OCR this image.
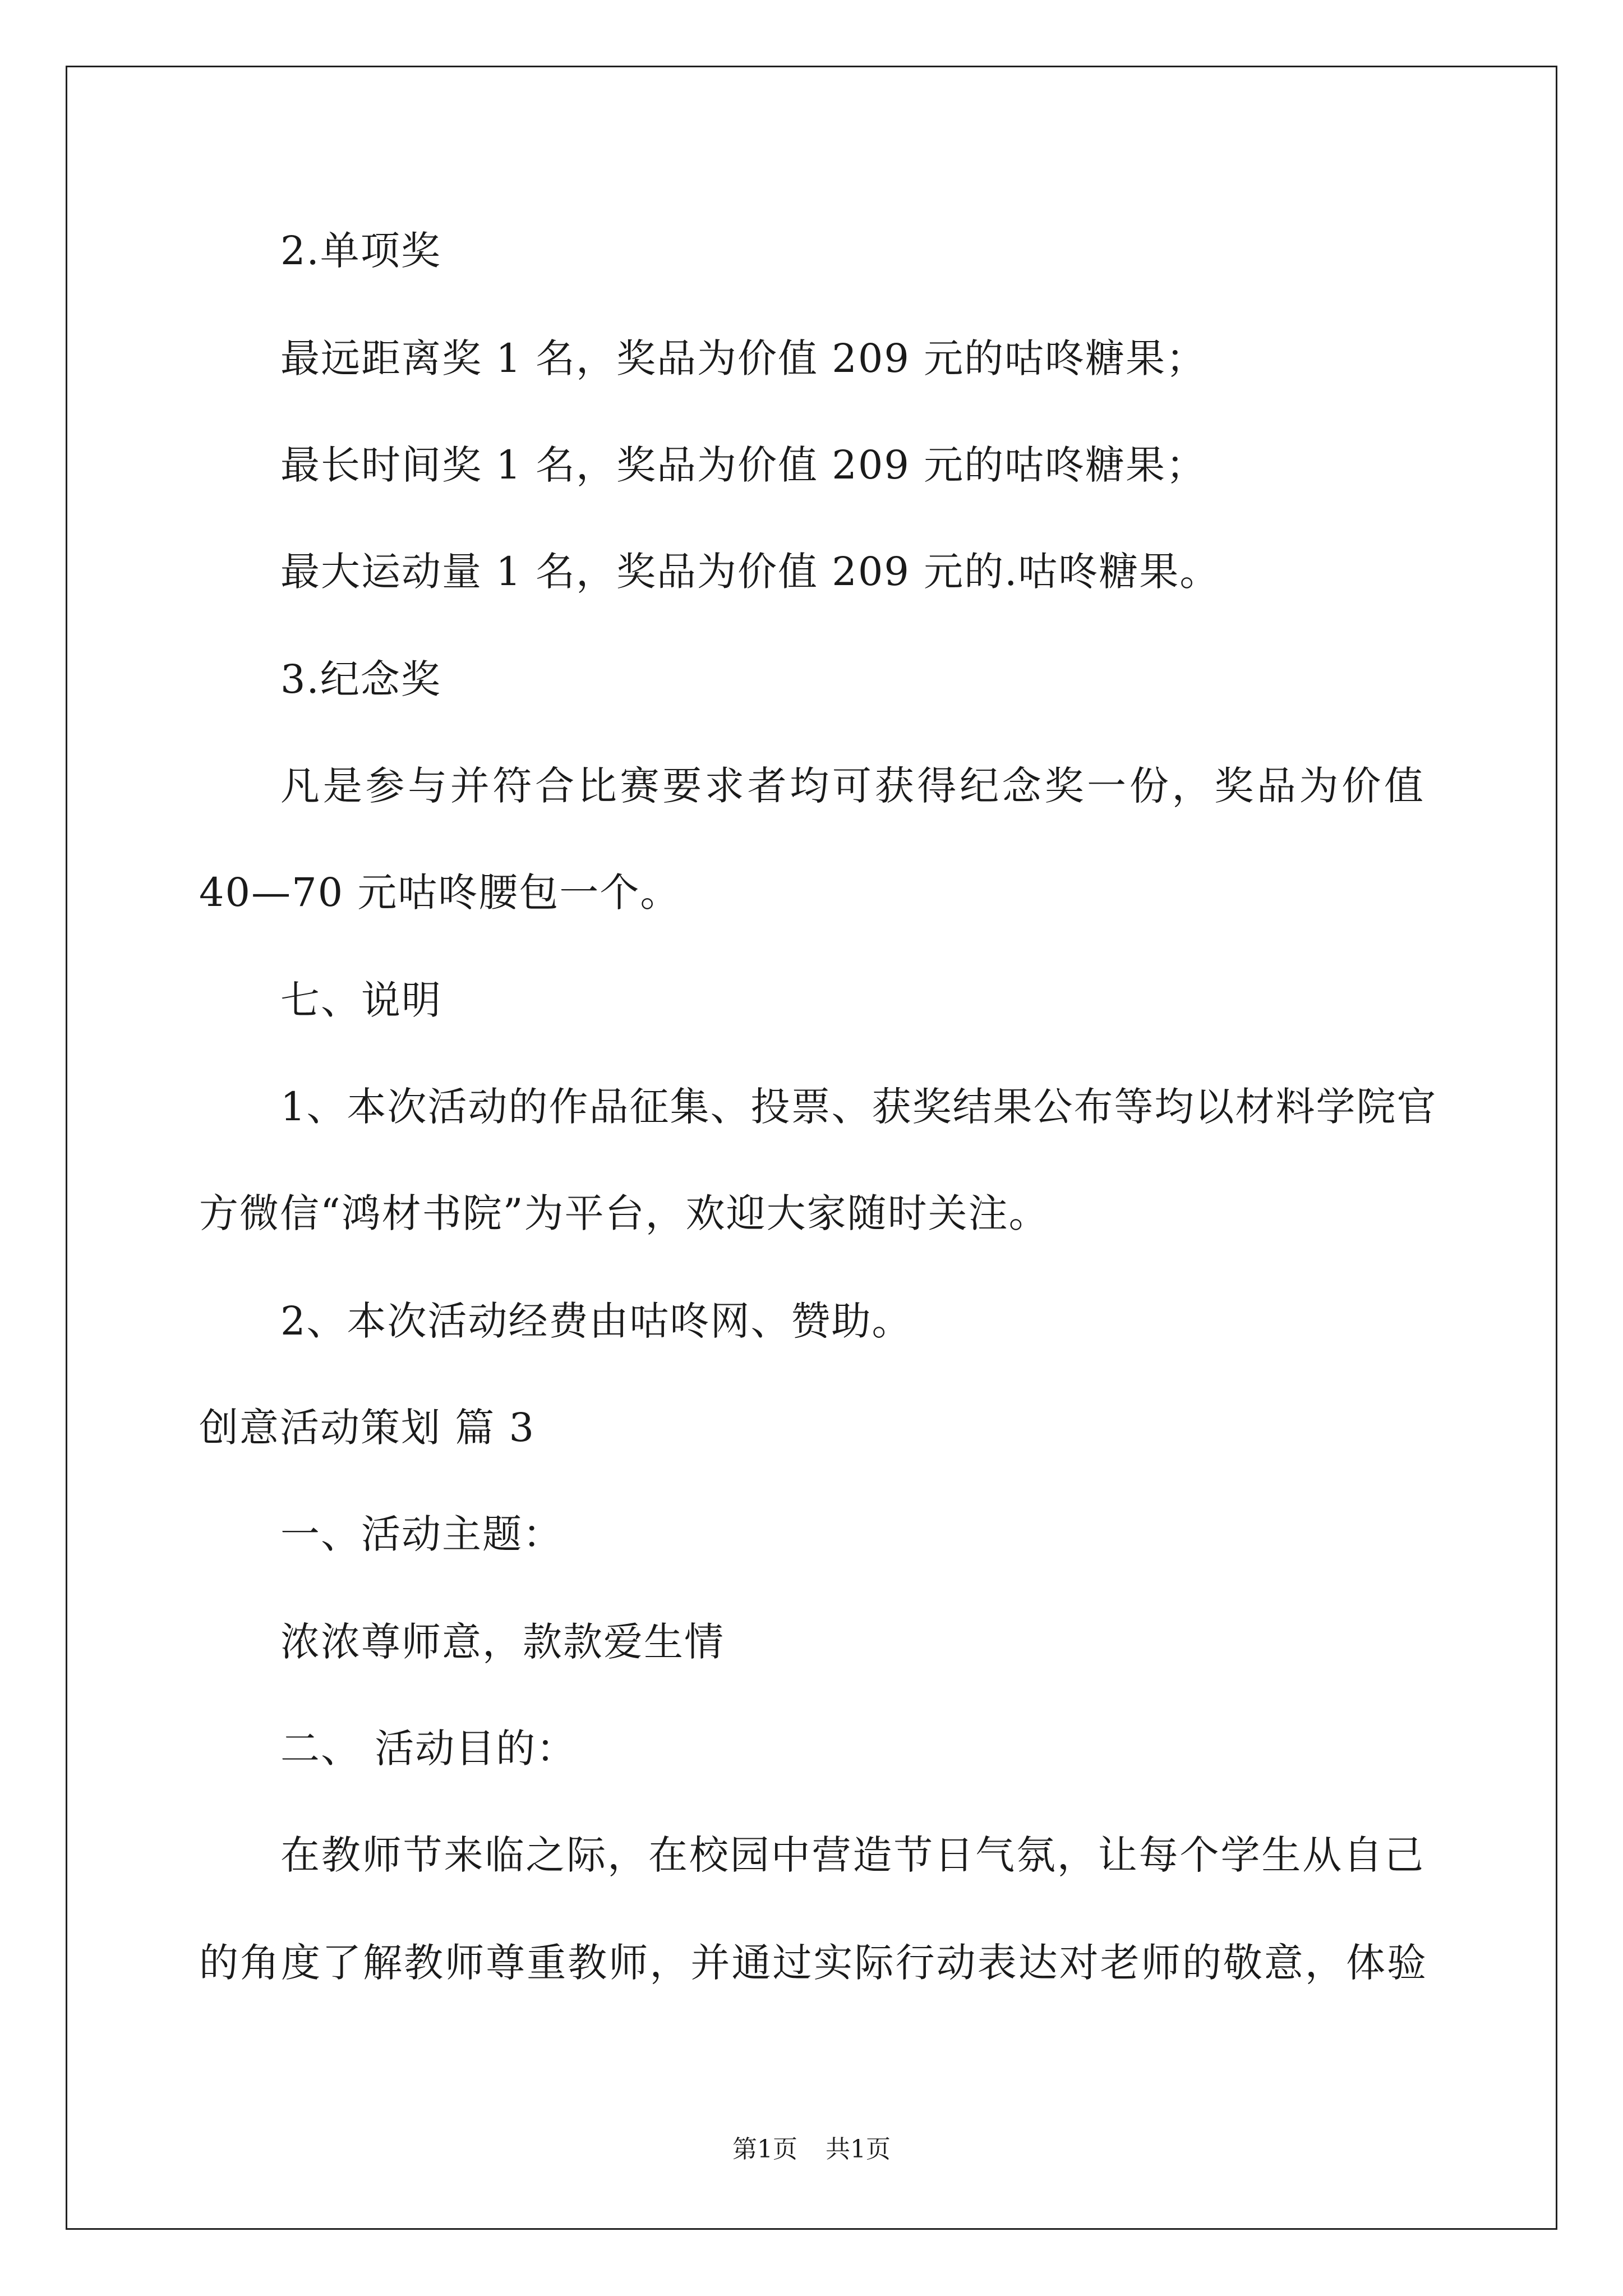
2.单项奖
最远距离奖 1 名，奖品为价值 209 元的咕咚糖果；
最长时间奖 1 名，奖品为价值 209 元的咕咚糖果；
最大运动量 1 名，奖品为价值 209 元的.咕咚糖果。
3.纪念奖
凡是参与并符合比赛要求者均可获得纪念奖一份，奖品为价值
40—70 元咕咚腰包一个。
七、说明
1、本次活动的作品征集、投票、获奖结果公布等均以材料学院官
方微信“鸿材书院”为平台，欢迎大家随时关注。
2、本次活动经费由咕咚网、赞助。
创意活动策划 篇 3
一、活动主题：
浓浓尊师意，款款爱生情
二、 活动目的：
在教师节来临之际，在校园中营造节日气氛，让每个学生从自己
的角度了解教师尊重教师，并通过实际行动表达对老师的敬意，体验
第1页 共1页
